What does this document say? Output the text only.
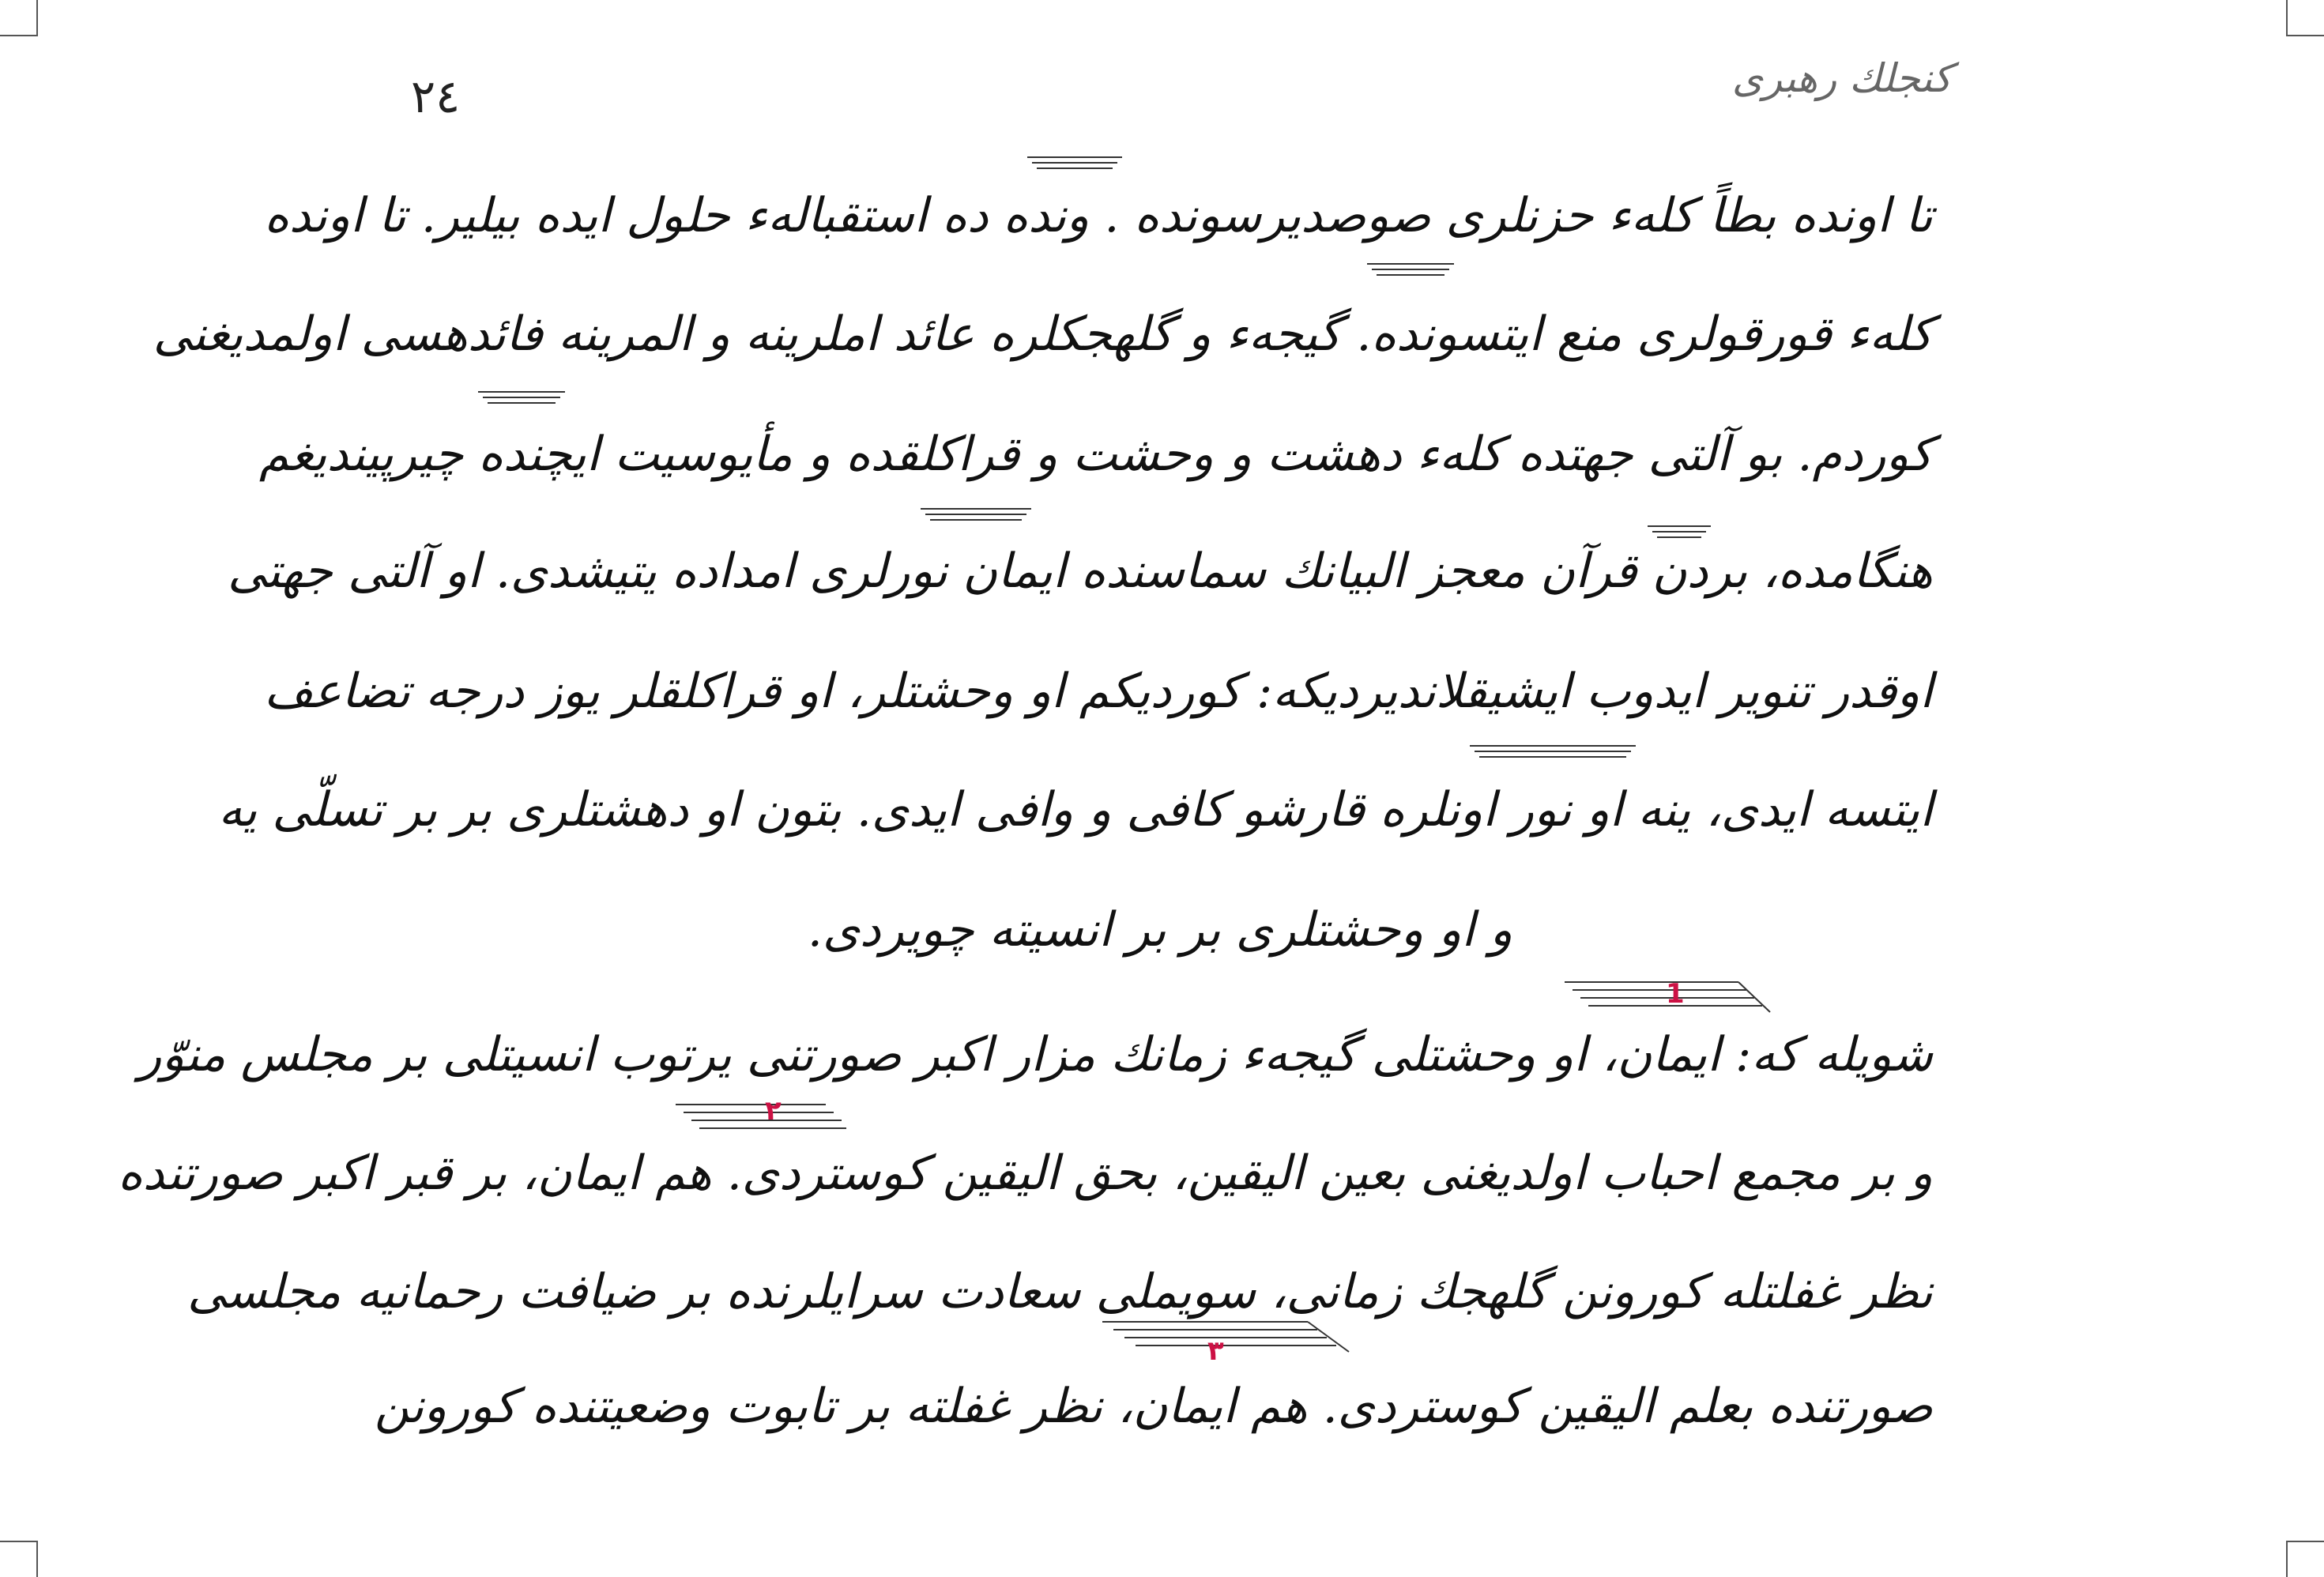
۲٤	كنجلك رهبرى
تا اونده بطاً كلهء حزنلرى صوصديرسونده . ونده ده استقبالهء حلول ايده بيلير. تا اونده
كلهء قورقولرى منع ايتسونده. گيجهء و گلهجكلره عائد املرينه و المرينه فائدهسى اولمديغنى
كوردم. بو آلتى جهتده كلهء دهشت و وحشت و قراكلقده و مأيوسيت ايچنده چيرپينديغم
هنگامده، بردن قرآن معجز البيانك سماسنده ايمان نورلرى امداده يتيشدى. او آلتى جهتى
اوقدر تنوير ايدوب ايشيقلانديرديكه: كورديكم او وحشتلر، او قراكلقلر يوز درجه تضاعف
ايتسه ايدى، ينه او نور اونلره قارشو كافى و وافى ايدى. بتون او دهشتلرى بر بر تسلّى يه
و او وحشتلرى بر بر انسيته چويردى.
شويله كه: ايمان، او وحشتلى گيجهء زمانك مزار اكبر صورتنى يرتوب انسيتلى بر مجلس منوّر
و بر مجمع احباب اولديغنى بعين اليقين، بحق اليقين كوستردى. هم ايمان، بر قبر اكبر صورتنده
نظر غفلتله كورونن گلهجك زمانى، سويملى سعادت سرايلرنده بر ضيافت رحمانيه مجلسى
صورتنده بعلم اليقين كوستردى. هم ايمان، نظر غفلته بر تابوت وضعيتنده كورونن
1
٢
٣
